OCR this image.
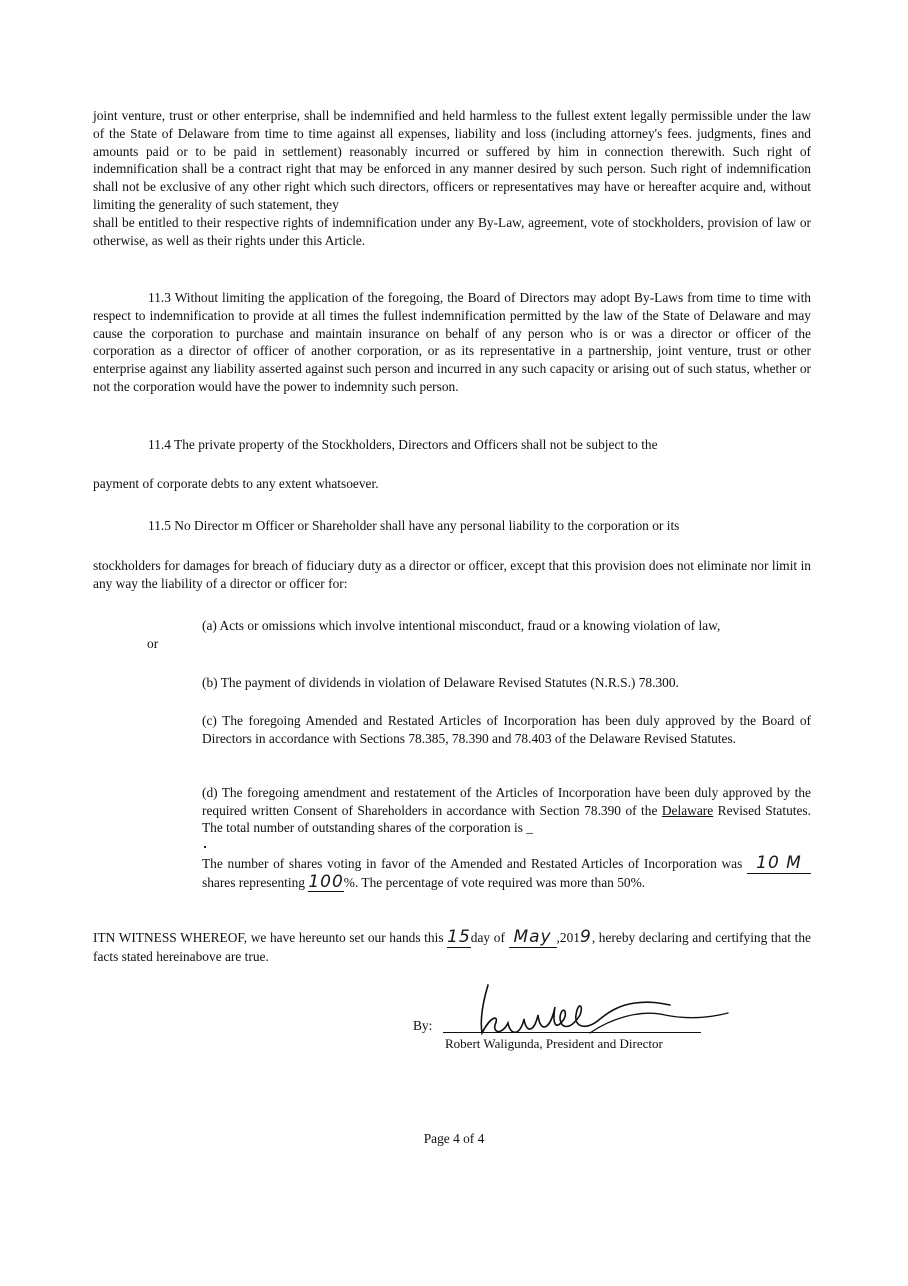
joint venture, trust or other enterprise, shall be indemnified and held harmless to the fullest extent legally permissible under the law of the State of Delaware from time to time against all expenses, liability and loss (including attorney's fees. judgments, fines and amounts paid or to be paid in settlement) reasonably incurred or suffered by him in connection therewith. Such right of indemnification shall be a contract right that may be enforced in any manner desired by such person. Such right of indemnification shall not be exclusive of any other right which such directors, officers or representatives may have or hereafter acquire and, without limiting the generality of such statement, they
shall be entitled to their respective rights of indemnification under any By-Law, agreement, vote of stockholders, provision of law or otherwise, as well as their rights under this Article.

11.3 Without limiting the application of the foregoing, the Board of Directors may adopt By-Laws from time to time with respect to indemnification to provide at all times the fullest indemnification permitted by the law of the State of Delaware and may cause the corporation to purchase and maintain insurance on behalf of any person who is or was a director or officer of the corporation as a director of officer of another corporation, or as its representative in a partnership, joint venture, trust or other enterprise against any liability asserted against such person and incurred in any such capacity or arising out of such status, whether or not the corporation would have the power to indemnity such person.

11.4 The private property of the Stockholders, Directors and Officers shall not be subject to the

payment of corporate debts to any extent whatsoever.

11.5 No Director m Officer or Shareholder shall have any personal liability to the corporation or its

stockholders for damages for breach of fiduciary duty as a director or officer, except that this provision does not eliminate nor limit in any way the liability of a director or officer for:

(a) Acts or omissions which involve intentional misconduct, fraud or a knowing violation of law,

or

(b) The payment of dividends in violation of Delaware Revised Statutes (N.R.S.) 78.300.

(c) The foregoing Amended and Restated Articles of Incorporation has been duly approved by the Board of Directors in accordance with Sections 78.385, 78.390 and 78.403 of the Delaware Revised Statutes.

(d) The foregoing amendment and restatement of the Articles of Incorporation have been duly approved by the required written Consent of Shareholders in accordance with Section 78.390 of the Delaware Revised Statutes. The total number of outstanding shares of the corporation is _

The number of shares voting in favor of the Amended and Restated Articles of Incorporation was 10 M shares representing 100%. The percentage of vote required was more than 50%.

ITN WITNESS WHEREOF, we have hereunto set our hands this 15day of May ,2019, hereby declaring and certifying that the facts stated hereinabove are true.

By:
Robert Waligunda, President and Director
Page 4 of 4
